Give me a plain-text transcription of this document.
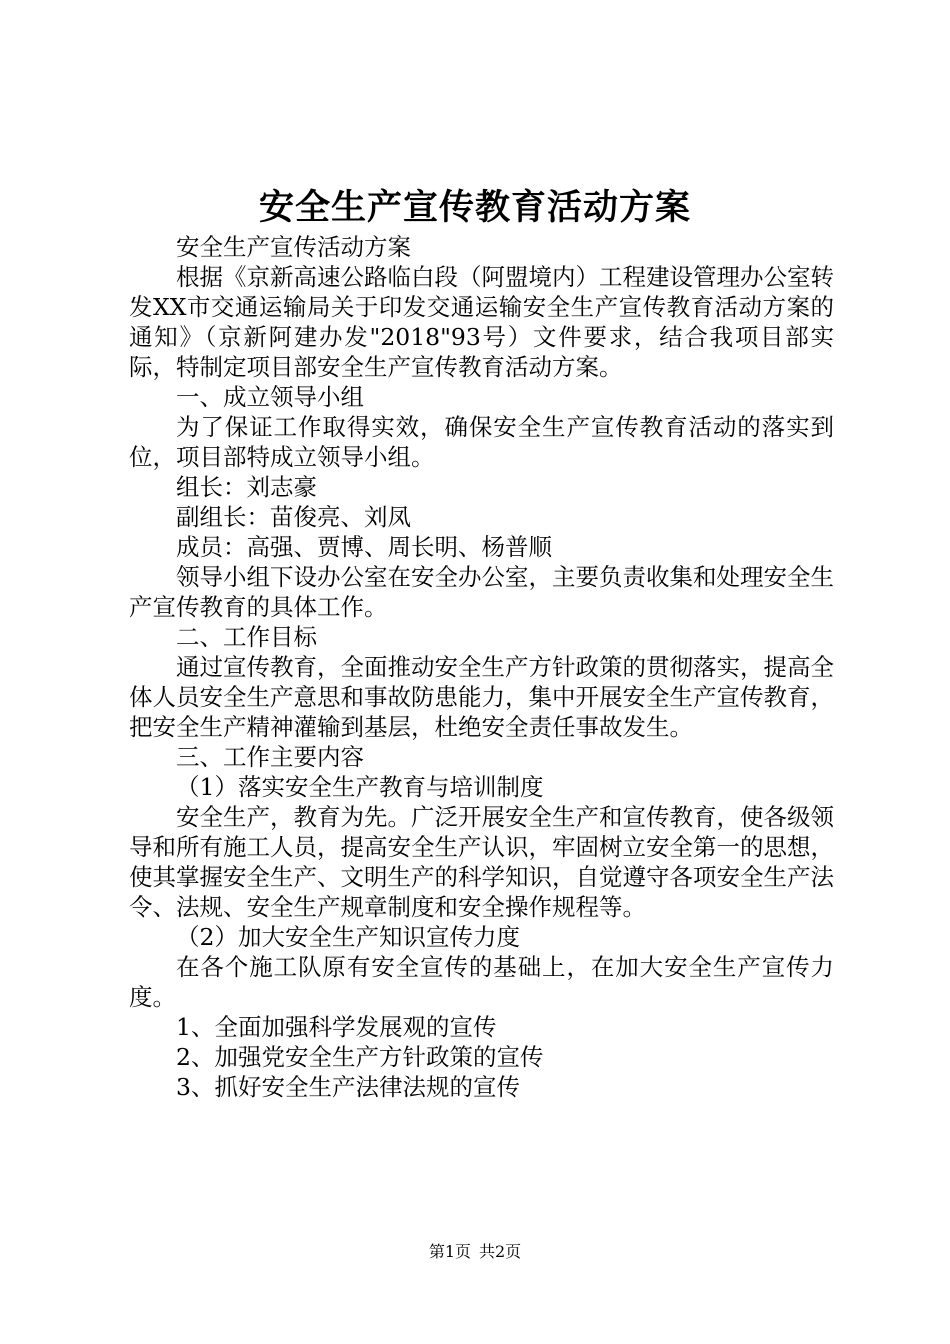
安全生产宣传教育活动方案

安全生产宣传活动方案

根据《京新高速公路临白段（阿盟境内）工程建设管理办公室转发XX市交通运输局关于印发交通运输安全生产宣传教育活动方案的通知》（京新阿建办发"2018"93号）文件要求，结合我项目部实际，特制定项目部安全生产宣传教育活动方案。

一、成立领导小组

为了保证工作取得实效，确保安全生产宣传教育活动的落实到位，项目部特成立领导小组。

组长：刘志豪

副组长：苗俊亮、刘凤

成员：高强、贾博、周长明、杨普顺

领导小组下设办公室在安全办公室，主要负责收集和处理安全生产宣传教育的具体工作。

二、工作目标

通过宣传教育，全面推动安全生产方针政策的贯彻落实，提高全体人员安全生产意思和事故防患能力，集中开展安全生产宣传教育，把安全生产精神灌输到基层，杜绝安全责任事故发生。

三、工作主要内容

（1）落实安全生产教育与培训制度

安全生产，教育为先。广泛开展安全生产和宣传教育，使各级领导和所有施工人员，提高安全生产认识，牢固树立安全第一的思想，使其掌握安全生产、文明生产的科学知识，自觉遵守各项安全生产法令、法规、安全生产规章制度和安全操作规程等。

（2）加大安全生产知识宣传力度

在各个施工队原有安全宣传的基础上，在加大安全生产宣传力度。

1、全面加强科学发展观的宣传

2、加强党安全生产方针政策的宣传

3、抓好安全生产法律法规的宣传

第1页 共2页
